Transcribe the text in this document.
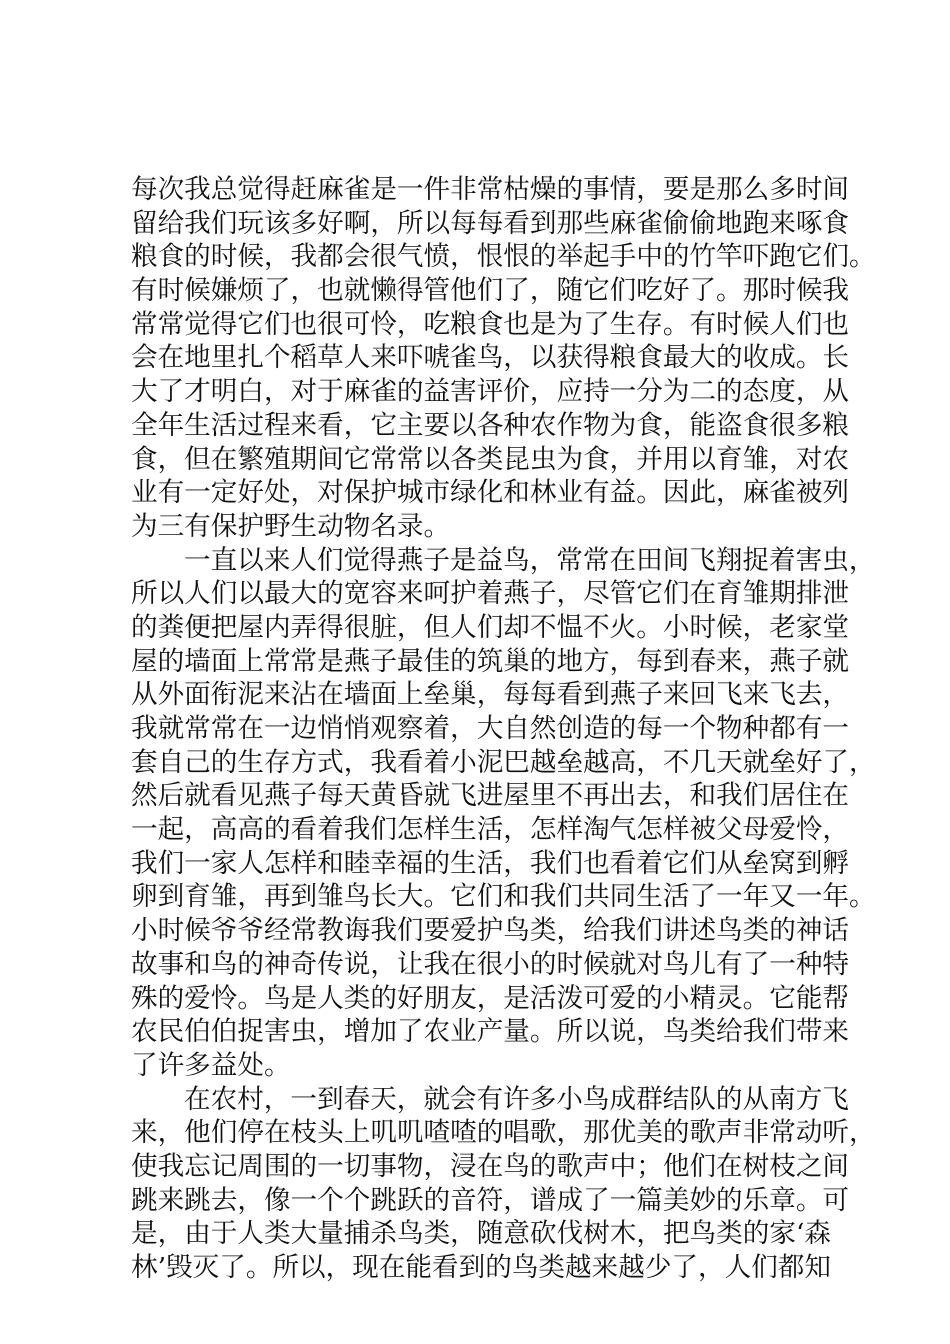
每次我总觉得赶麻雀是一件非常枯燥的事情，要是那么多时间
留给我们玩该多好啊，所以每每看到那些麻雀偷偷地跑来啄食
粮食的时候，我都会很气愤，恨恨的举起手中的竹竿吓跑它们。
有时候嫌烦了，也就懒得管他们了，随它们吃好了。那时候我
常常觉得它们也很可怜，吃粮食也是为了生存。有时候人们也
会在地里扎个稻草人来吓唬雀鸟，以获得粮食最大的收成。长
大了才明白，对于麻雀的益害评价，应持一分为二的态度，从
全年生活过程来看，它主要以各种农作物为食，能盗食很多粮
食，但在繁殖期间它常常以各类昆虫为食，并用以育雏，对农
业有一定好处，对保护城市绿化和林业有益。因此，麻雀被列
为三有保护野生动物名录。
一直以来人们觉得燕子是益鸟，常常在田间飞翔捉着害虫，
所以人们以最大的宽容来呵护着燕子，尽管它们在育雏期排泄
的粪便把屋内弄得很脏，但人们却不愠不火。小时候，老家堂
屋的墙面上常常是燕子最佳的筑巢的地方，每到春来，燕子就
从外面衔泥来沾在墙面上垒巢，每每看到燕子来回飞来飞去，
我就常常在一边悄悄观察着，大自然创造的每一个物种都有一
套自己的生存方式，我看着小泥巴越垒越高，不几天就垒好了，
然后就看见燕子每天黄昏就飞进屋里不再出去，和我们居住在
一起，高高的看着我们怎样生活，怎样淘气怎样被父母爱怜，
我们一家人怎样和睦幸福的生活，我们也看着它们从垒窝到孵
卵到育雏，再到雏鸟长大。它们和我们共同生活了一年又一年。
小时候爷爷经常教诲我们要爱护鸟类，给我们讲述鸟类的神话
故事和鸟的神奇传说，让我在很小的时候就对鸟儿有了一种特
殊的爱怜。鸟是人类的好朋友，是活泼可爱的小精灵。它能帮
农民伯伯捉害虫，增加了农业产量。所以说，鸟类给我们带来
了许多益处。
在农村，一到春天，就会有许多小鸟成群结队的从南方飞
来，他们停在枝头上叽叽喳喳的唱歌，那优美的歌声非常动听，
使我忘记周围的一切事物，浸在鸟的歌声中；他们在树枝之间
跳来跳去，像一个个跳跃的音符，谱成了一篇美妙的乐章。可
是，由于人类大量捕杀鸟类，随意砍伐树木，把鸟类的家‘森
林’毁灭了。所以，现在能看到的鸟类越来越少了，人们都知
